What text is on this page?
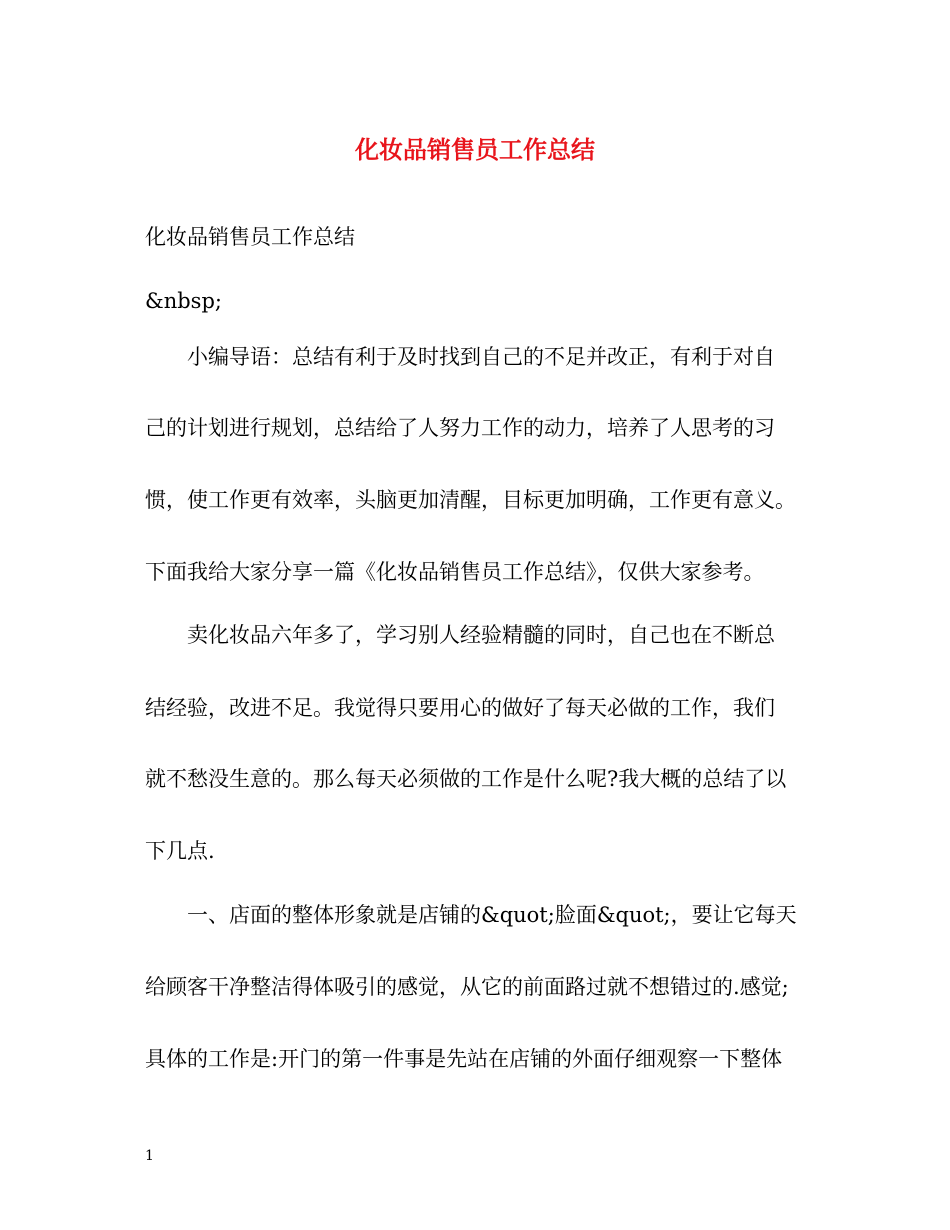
化妆品销售员工作总结
化妆品销售员工作总结
&nbsp;
小编导语：总结有利于及时找到自己的不足并改正，有利于对自
己的计划进行规划，总结给了人努力工作的动力，培养了人思考的习
惯，使工作更有效率，头脑更加清醒，目标更加明确，工作更有意义。
下面我给大家分享一篇《化妆品销售员工作总结》，仅供大家参考。
卖化妆品六年多了，学习别人经验精髓的同时，自己也在不断总
结经验，改进不足。我觉得只要用心的做好了每天必做的工作，我们
就不愁没生意的。那么每天必须做的工作是什么呢?我大概的总结了以
下几点.
一、店面的整体形象就是店铺的&quot;脸面&quot;，要让它每天
给顾客干净整洁得体吸引的感觉，从它的前面路过就不想错过的.感觉;
具体的工作是:开门的第一件事是先站在店铺的外面仔细观察一下整体
1
